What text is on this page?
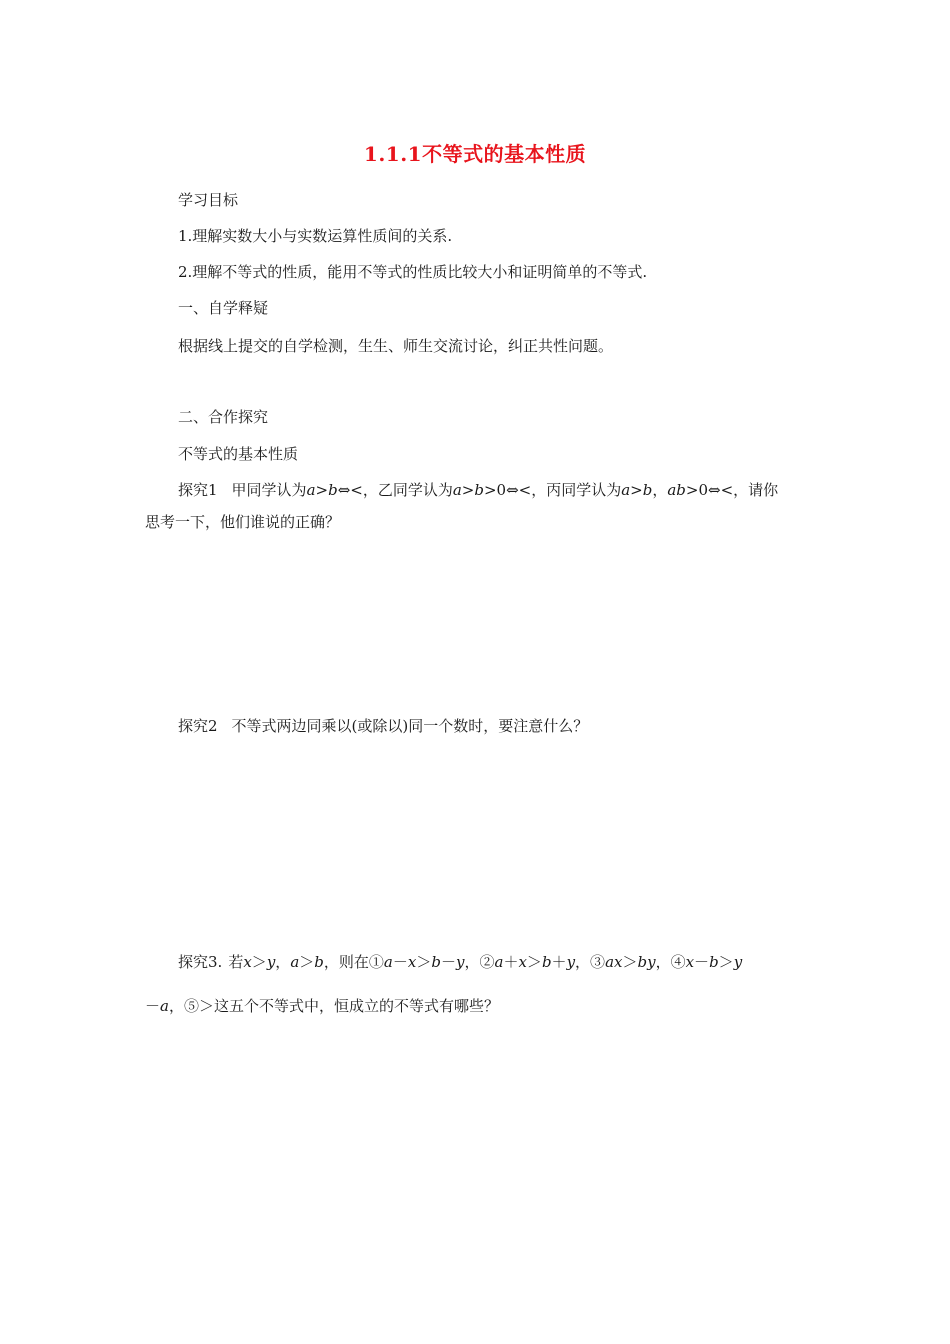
1.1.1不等式的基本性质
学习目标
1.理解实数大小与实数运算性质间的关系.
2.理解不等式的性质，能用不等式的性质比较大小和证明简单的不等式.
一、自学释疑
根据线上提交的自学检测，生生、师生交流讨论，纠正共性问题。
二、合作探究
不等式的基本性质
探究1 甲同学认为a>b⇔<，乙同学认为a>b>0⇔<，丙同学认为a>b，ab>0⇔<，请你
思考一下，他们谁说的正确？
探究2 不等式两边同乘以(或除以)同一个数时，要注意什么？
探究3. 若x＞y，a＞b，则在①a－x＞b－y，②a＋x＞b＋y，③ax＞by，④x－b＞y
－a，⑤＞这五个不等式中，恒成立的不等式有哪些？
